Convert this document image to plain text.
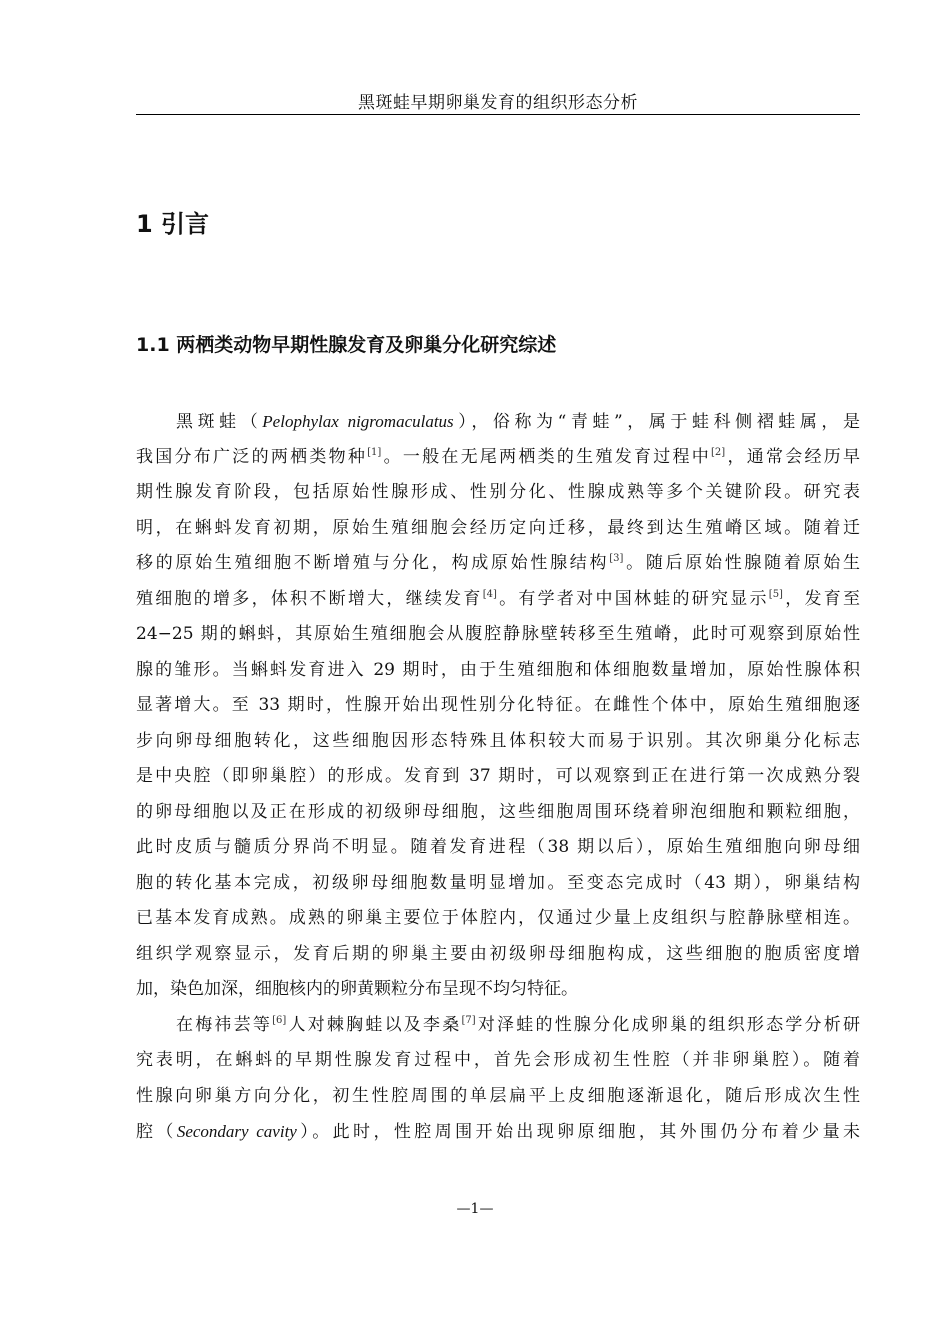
黑斑蛙早期卵巢发育的组织形态分析
1 引言
1.1 两栖类动物早期性腺发育及卵巢分化研究综述
黑斑蛙（Pelophylax nigromaculatus），俗称为“青蛙”，属于蛙科侧褶蛙属，是
我国分布广泛的两栖类物种[1]。一般在无尾两栖类的生殖发育过程中[2]，通常会经历早
期性腺发育阶段，包括原始性腺形成、性别分化、性腺成熟等多个关键阶段。研究表
明，在蝌蚪发育初期，原始生殖细胞会经历定向迁移，最终到达生殖嵴区域。随着迁
移的原始生殖细胞不断增殖与分化，构成原始性腺结构[3]。随后原始性腺随着原始生
殖细胞的增多，体积不断增大，继续发育[4]。有学者对中国林蛙的研究显示[5]，发育至
24−25 期的蝌蚪，其原始生殖细胞会从腹腔静脉壁转移至生殖嵴，此时可观察到原始性
腺的雏形。当蝌蚪发育进入 29 期时，由于生殖细胞和体细胞数量增加，原始性腺体积
显著增大。至 33 期时，性腺开始出现性别分化特征。在雌性个体中，原始生殖细胞逐
步向卵母细胞转化，这些细胞因形态特殊且体积较大而易于识别。其次卵巢分化标志
是中央腔（即卵巢腔）的形成。发育到 37 期时，可以观察到正在进行第一次成熟分裂
的卵母细胞以及正在形成的初级卵母细胞，这些细胞周围环绕着卵泡细胞和颗粒细胞，
此时皮质与髓质分界尚不明显。随着发育进程（38 期以后），原始生殖细胞向卵母细
胞的转化基本完成，初级卵母细胞数量明显增加。至变态完成时（43 期），卵巢结构
已基本发育成熟。成熟的卵巢主要位于体腔内，仅通过少量上皮组织与腔静脉壁相连。
组织学观察显示，发育后期的卵巢主要由初级卵母细胞构成，这些细胞的胞质密度增
加，染色加深，细胞核内的卵黄颗粒分布呈现不均匀特征。
在梅祎芸等[6]人对棘胸蛙以及李桑[7]对泽蛙的性腺分化成卵巢的组织形态学分析研
究表明，在蝌蚪的早期性腺发育过程中，首先会形成初生性腔（并非卵巢腔）。随着
性腺向卵巢方向分化，初生性腔周围的单层扁平上皮细胞逐渐退化，随后形成次生性
腔（Secondary cavity）。此时，性腔周围开始出现卵原细胞，其外围仍分布着少量未
—1—
